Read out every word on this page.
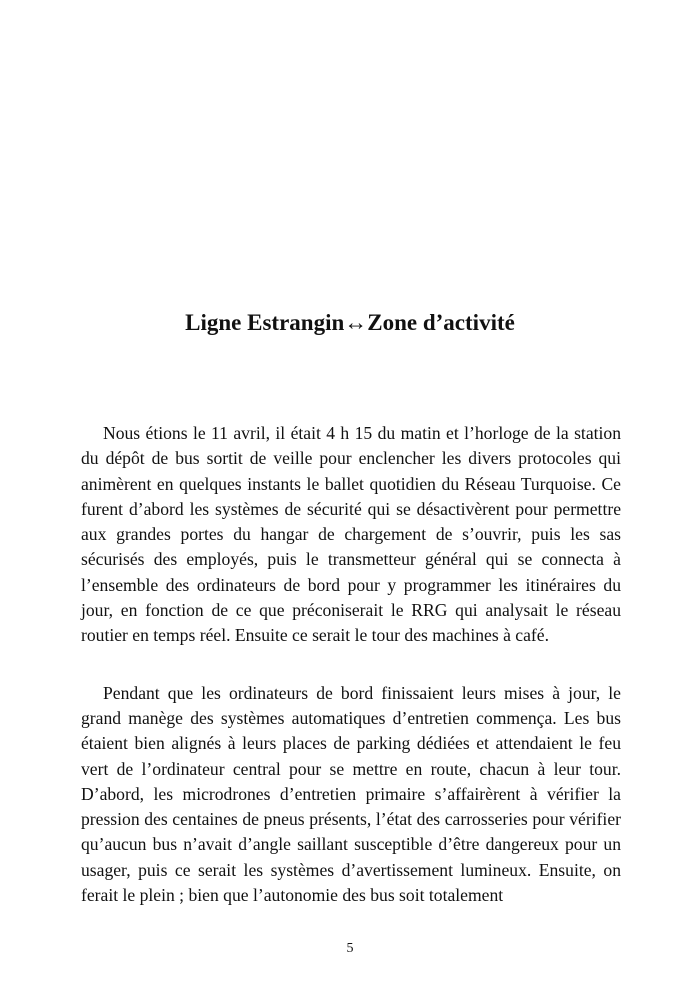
Ligne Estrangin↔Zone d’activité

Nous étions le 11 avril, il était 4 h 15 du matin et l’horloge de la station du dépôt de bus sortit de veille pour enclencher les divers protocoles qui animèrent en quelques instants le ballet quotidien du Réseau Turquoise. Ce furent d’abord les systèmes de sécurité qui se désactivèrent pour permettre aux grandes portes du hangar de chargement de s’ouvrir, puis les sas sécurisés des employés, puis le transmetteur général qui se connecta à l’ensemble des ordinateurs de bord pour y programmer les itinéraires du jour, en fonction de ce que préconiserait le RRG qui analysait le réseau routier en temps réel. Ensuite ce serait le tour des machines à café.

Pendant que les ordinateurs de bord finissaient leurs mises à jour, le grand manège des systèmes automatiques d’entretien commença. Les bus étaient bien alignés à leurs places de parking dédiées et attendaient le feu vert de l’ordinateur central pour se mettre en route, chacun à leur tour. D’abord, les microdrones d’entretien primaire s’affairèrent à vérifier la pression des centaines de pneus présents, l’état des carrosseries pour vérifier qu’aucun bus n’avait d’angle saillant susceptible d’être dangereux pour un usager, puis ce serait les systèmes d’avertissement lumineux. Ensuite, on ferait le plein ; bien que l’autonomie des bus soit totalement

5
